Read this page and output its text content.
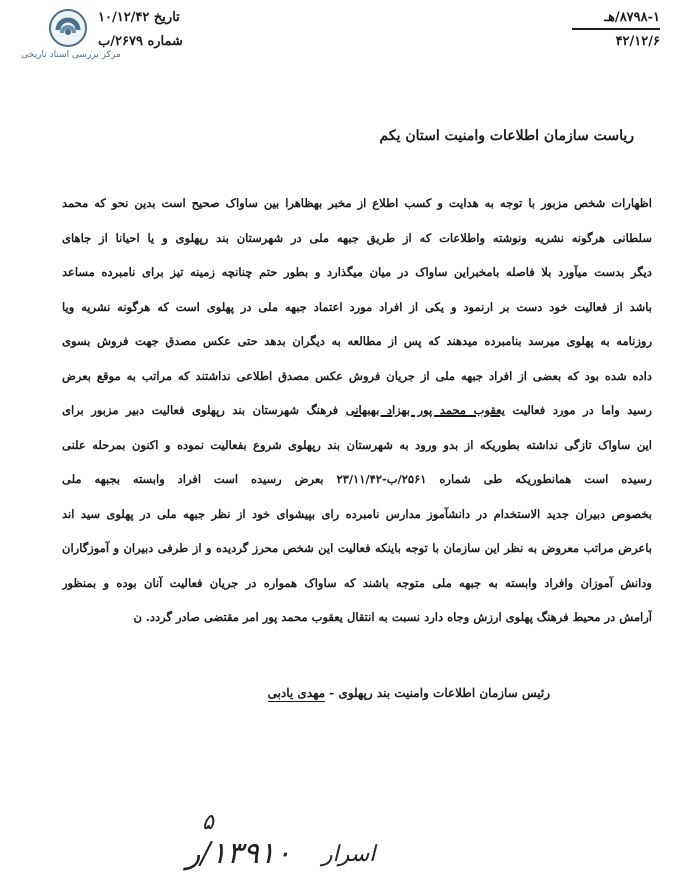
مرکز بررسی اسناد تاریخی
۸۷۹۸-۱/هـ
۴۲/۱۲/۶
تاریخ ۱۰/۱۲/۴۲
شماره ۲۶۷۹/ب
ریاست سازمان اطلاعات وامنیت استان یکم
اظهارات شخص مزبور با توجه به هدایت و کسب اطلاع از مخبر بهظاهرا بین ساواک صحیح است بدین نحو که محمد
سلطانی هرگونه نشریه ونوشته واطلاعات که از طریق جبهه ملی در شهرستان بند رپهلوی و یا احیانا از جاهای
دیگر بدست میآورد بلا فاصله بامخبراین ساواک در میان میگذارد و بطور حتم چنانچه زمینه تیز برای نامبرده مساعد
باشد از فعالیت خود دست بر ارنمود و یکی از افراد مورد اعتماد جبهه ملی در پهلوی است که هرگونه نشریه ویا
روزنامه به پهلوی میرسد بنامبرده میدهند که پس از مطالعه به دیگران بدهد حتی عکس مصدق جهت فروش بسوی
داده شده بود که بعضی از افراد جبهه ملی از جریان فروش عکس مصدق اطلاعی نداشتند که مراتب به موقع بعرض
رسید واما در مورد فعالیت یعقوب محمد پور بهزاد بهبهانی فرهنگ شهرستان بند رپهلوی فعالیت دبیر مزبور برای
این ساواک تازگی نداشته بطوریکه از بدو ورود به شهرستان بند رپهلوی شروع بفعالیت نموده و اکنون بمرحله علنی
رسیده است همانطوریکه طی شماره ۲۵۶۱/ب-۲۳/۱۱/۴۲ بعرض رسیده است افراد وابسته بجبهه ملی
بخصوص دبیران جدید الاستخدام در دانشآموز مدارس نامبرده رای بپیشوای خود از نظر جبهه ملی در پهلوی سید اند
باعرض مراتب معروض به نظر این سازمان با توجه باینکه فعالیت این شخص محرز گردیده و از طرفی دبیران و آموزگاران
ودانش آموزان وافراد وابسته به جبهه ملی متوجه باشند که ساواک همواره در جریان فعالیت آنان بوده و بمنظور
آرامش در محیط فرهنگ پهلوی ارزش وجاه دارد نسبت به انتقال یعقوب محمد پور امر مقتضی صادر گردد. ن
رئیس سازمان اطلاعات وامنیت بند رپهلوی - مهدی یادبی
۵
۱۳۹۱۰/ر اسرار
